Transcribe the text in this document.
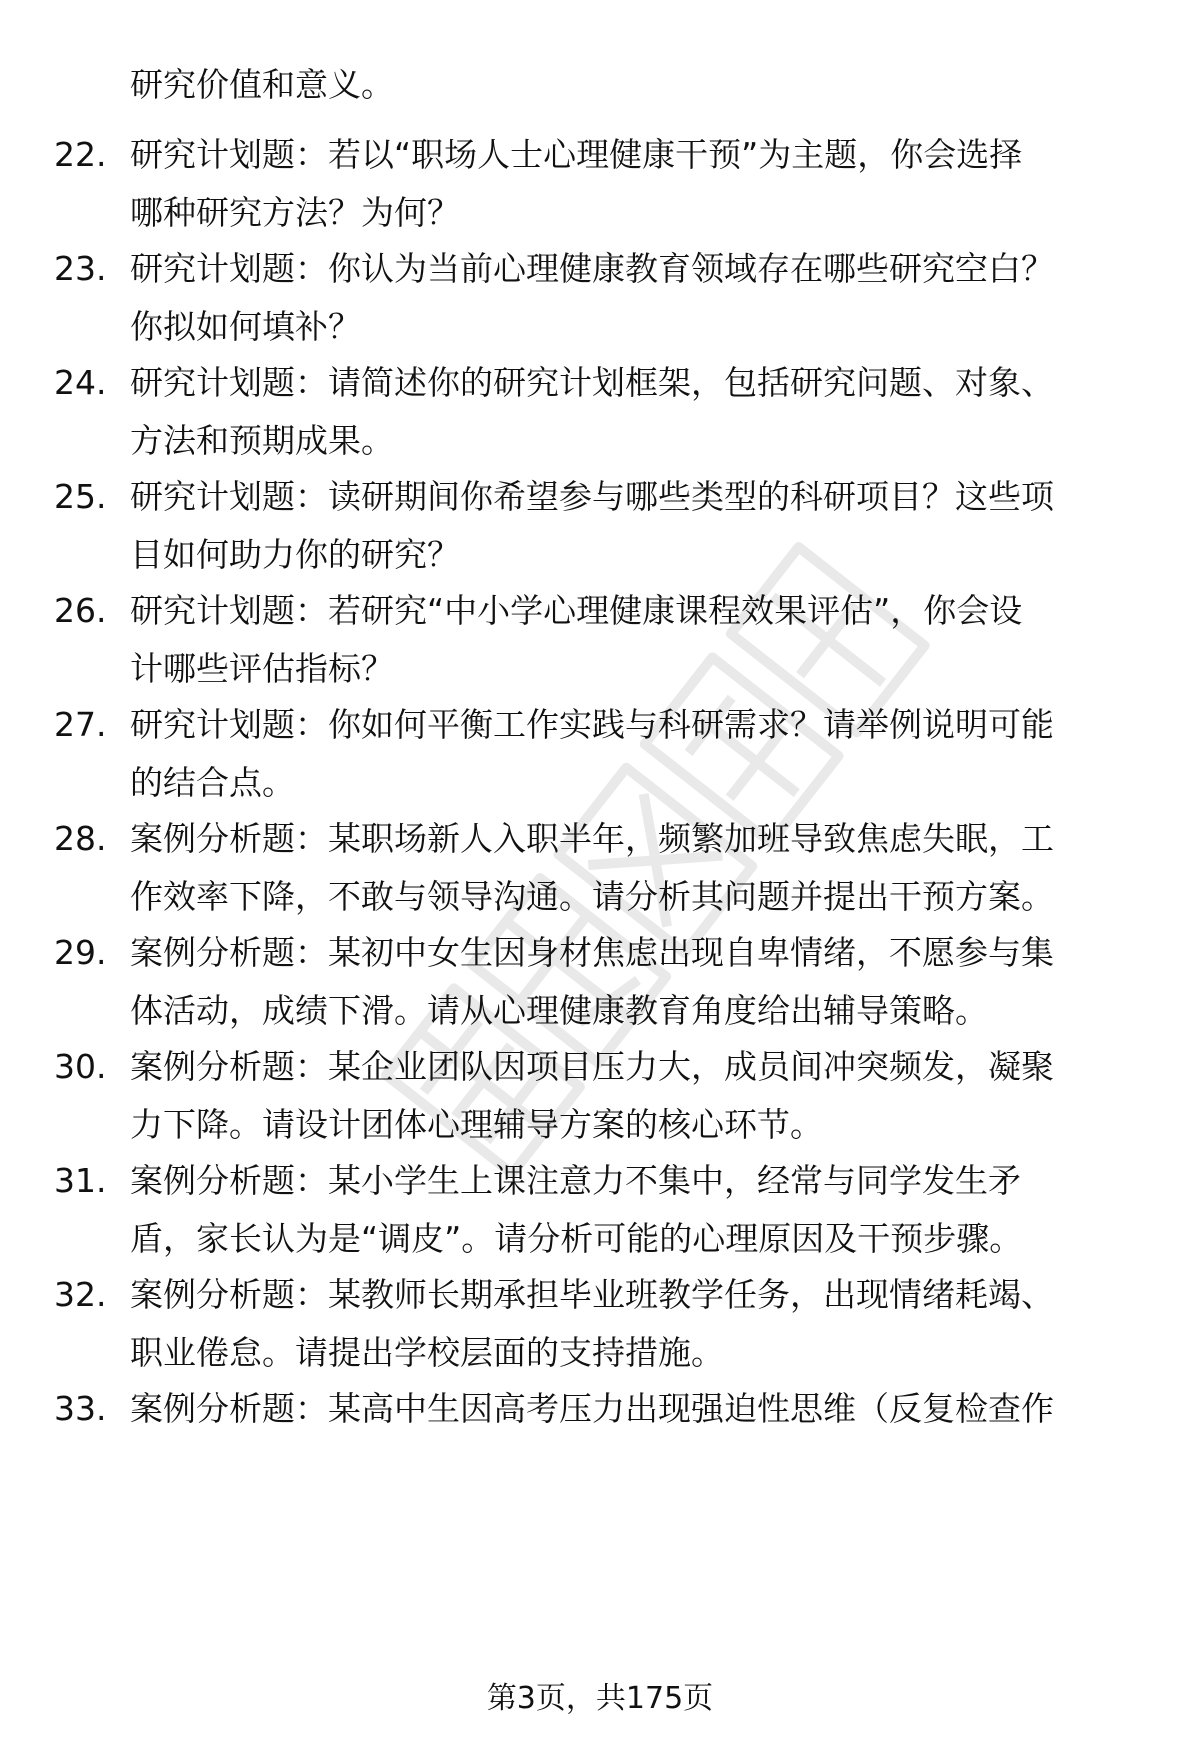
研究价值和意义。
22. 研究计划题：若以“职场人士心理健康干预”为主题，你会选择
哪种研究方法？为何？
23. 研究计划题：你认为当前心理健康教育领域存在哪些研究空白？
你拟如何填补？
24. 研究计划题：请简述你的研究计划框架，包括研究问题、对象、
方法和预期成果。
25. 研究计划题：读研期间你希望参与哪些类型的科研项目？这些项
目如何助力你的研究？
26. 研究计划题：若研究“中小学心理健康课程效果评估”，你会设
计哪些评估指标？
27. 研究计划题：你如何平衡工作实践与科研需求？请举例说明可能
的结合点。
28. 案例分析题：某职场新人入职半年，频繁加班导致焦虑失眠，工
作效率下降，不敢与领导沟通。请分析其问题并提出干预方案。
29. 案例分析题：某初中女生因身材焦虑出现自卑情绪，不愿参与集
体活动，成绩下滑。请从心理健康教育角度给出辅导策略。
30. 案例分析题：某企业团队因项目压力大，成员间冲突频发，凝聚
力下降。请设计团体心理辅导方案的核心环节。
31. 案例分析题：某小学生上课注意力不集中，经常与同学发生矛
盾，家长认为是“调皮”。请分析可能的心理原因及干预步骤。
32. 案例分析题：某教师长期承担毕业班教学任务，出现情绪耗竭、
职业倦怠。请提出学校层面的支持措施。
33. 案例分析题：某高中生因高考压力出现强迫性思维（反复检查作
第3页，共175页
